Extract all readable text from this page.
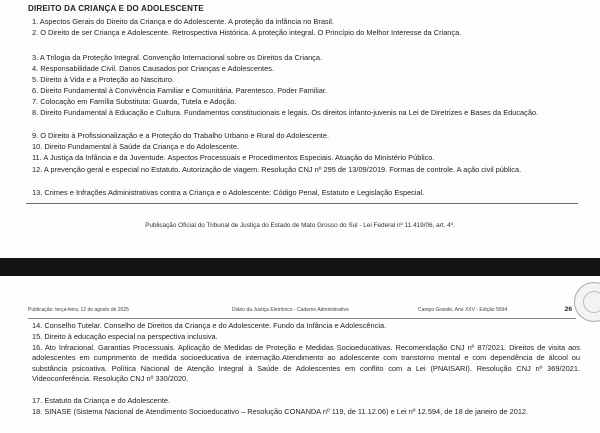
DIREITO DA CRIANÇA E DO ADOLESCENTE
1. Aspectos Gerais do Direito da Criança e do Adolescente. A proteção da infância no Brasil.
2. O Direito de ser Criança e Adolescente. Retrospectiva Histórica. A proteção integral. O Princípio do Melhor Interesse da Criança.
3. A Trilogia da Proteção Integral. Convenção Internacional sobre os Direitos da Criança.
4. Responsabilidade Civil. Danos Causados por Crianças e Adolescentes.
5. Direito à Vida e a Proteção ao Nascituro.
6. Direito Fundamental à Convivência Familiar e Comunitária. Parentesco. Poder Familiar.
7. Colocação em Família Substituta: Guarda, Tutela e Adoção.
8. Direito Fundamental à Educação e Cultura. Fundamentos constitucionais e legais. Os direitos infanto-juvenis na Lei de Diretrizes e Bases da Educação.
9. O Direito à Profissionalização e a Proteção do Trabalho Urbano e Rural do Adolescente.
10. Direito Fundamental à Saúde da Criança e do Adolescente.
11. A Justiça da Infância e da Juventude. Aspectos Processuais e Procedimentos Especiais. Atuação do Ministério Público.
12. A prevenção geral e especial no Estatuto. Autorização de viagem. Resolução CNJ nº 295 de 13/09/2019. Formas de controle. A ação civil pública.
13. Crimes e Infrações Administrativas contra a Criança e o Adolescente: Código Penal, Estatuto e Legislação Especial.
Publicação Oficial do Tribunal de Justiça do Estado de Mato Grosso do Sul - Lei Federal nº 11.419/06, art. 4º.
Publicação: terça-feira, 12 de agosto de 2025	Diário da Justiça Eletrônico - Caderno Administrativo	Campo Grande, Ano XXV - Edição 5694	26
14. Conselho Tutelar. Conselho de Direitos da Criança e do Adolescente. Fundo da Infância e Adolescência.
15. Direito à educação especial na perspectiva inclusiva.
16. Ato Infracional. Garantias Processuais. Aplicação de Medidas de Proteção e Medidas Socioeducativas. Recomendação CNJ nº 87/2021. Direitos de visita aos adolescentes em cumprimento de medida socioeducativa de internação.Atendimento ao adolescente com transtorno mental e com dependência de álcool ou substância psicoativa. Política Nacional de Atenção Integral à Saúde de Adolescentes em conflito com a Lei (PNAISARI). Resolução CNJ nº 369/2021. Videoconferência. Resolução CNJ nº 330/2020.
17. Estatuto da Criança e do Adolescente.
18. SINASE (Sistema Nacional de Atendimento Socioeducativo – Resolução CONANDA nº 119, de 11.12.06) e Lei nº 12.594, de 18 de janeiro de 2012.
